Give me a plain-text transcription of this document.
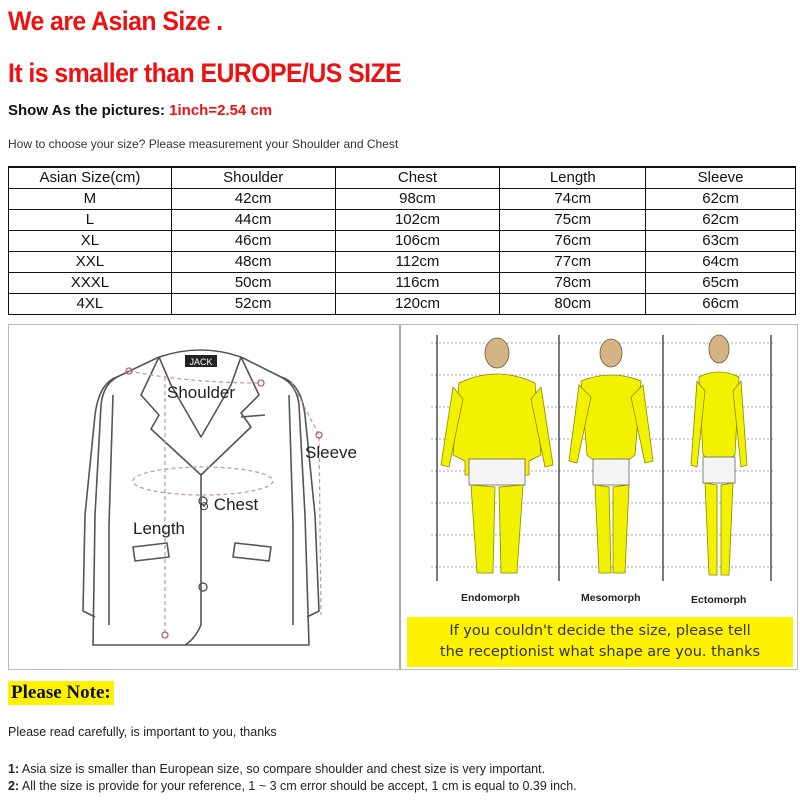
We are Asian Size .
It is smaller than EUROPE/US SIZE
Show As the pictures: 1inch=2.54 cm
How to choose your size? Please measurement your Shoulder and Chest
Asian Size(cm)	Shoulder	Chest	Length	Sleeve
M	42cm	98cm	74cm	62cm
L	44cm	102cm	75cm	62cm
XL	46cm	106cm	76cm	63cm
XXL	48cm	112cm	77cm	64cm
XXXL	50cm	116cm	78cm	65cm
4XL	52cm	120cm	80cm	66cm
JACK
Shoulder
Sleeve
⊙ Chest
Length
Endomorph	Mesomorph	Ectomorph
If you couldn't decide the size, please tell
the receptionist what shape are you. thanks
Please Note:
Please read carefully, is important to you, thanks
1: Asia size is smaller than European size, so compare shoulder and chest size is very important.
2: All the size is provide for your reference, 1 ~ 3 cm error should be accept, 1 cm is equal to 0.39 inch.
